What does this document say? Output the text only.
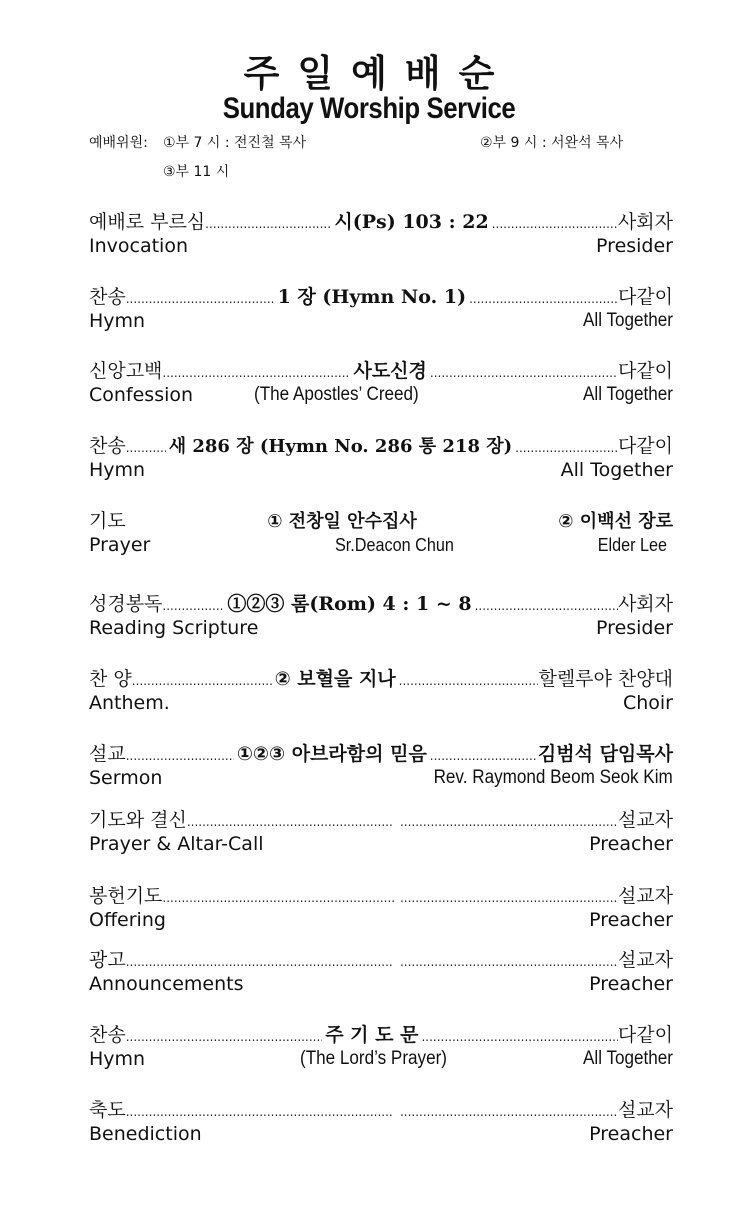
주일예배순
Sunday Worship Service
예배위원: ①부 7 시 : 전진철 목사	②부 9 시 : 서완석 목사
③부 11 시
예배로 부르심 .....	시(Ps) 103 : 22 .....	사회자
Invocation	Presider
찬송 .....	1 장 (Hymn No. 1) .....	다같이
Hymn	All Together
신앙고백 .....	사도신경 .....	다같이
Confession	(The Apostles’ Creed)	All Together
찬송 ..... 새 286 장 (Hymn No. 286 통 218 장) .....	다같이
Hymn	All Together
기도	① 전창일 안수집사	② 이백선 장로
Prayer	Sr.Deacon Chun	Elder Lee
성경봉독 .....	①②③ 롬(Rom) 4 : 1 ~ 8 .....	사회자
Reading Scripture	Presider
찬 양 .....	② 보혈을 지나 .....	할렐루야 찬양대
Anthem.	Choir
설교 .....	①②③ 아브라함의 믿음 .....	김범석 담임목사
Sermon	Rev. Raymond Beom Seok Kim
기도와 결신 ..... .....	설교자
Prayer & Altar-Call	Preacher
봉헌기도 ..... .....	설교자
Offering	Preacher
광고 ..... .....	설교자
Announcements	Preacher
찬송 .....	주 기 도 문 .....	다같이
Hymn	(The Lord’s Prayer)	All Together
축도 ..... .....	설교자
Benediction	Preacher
